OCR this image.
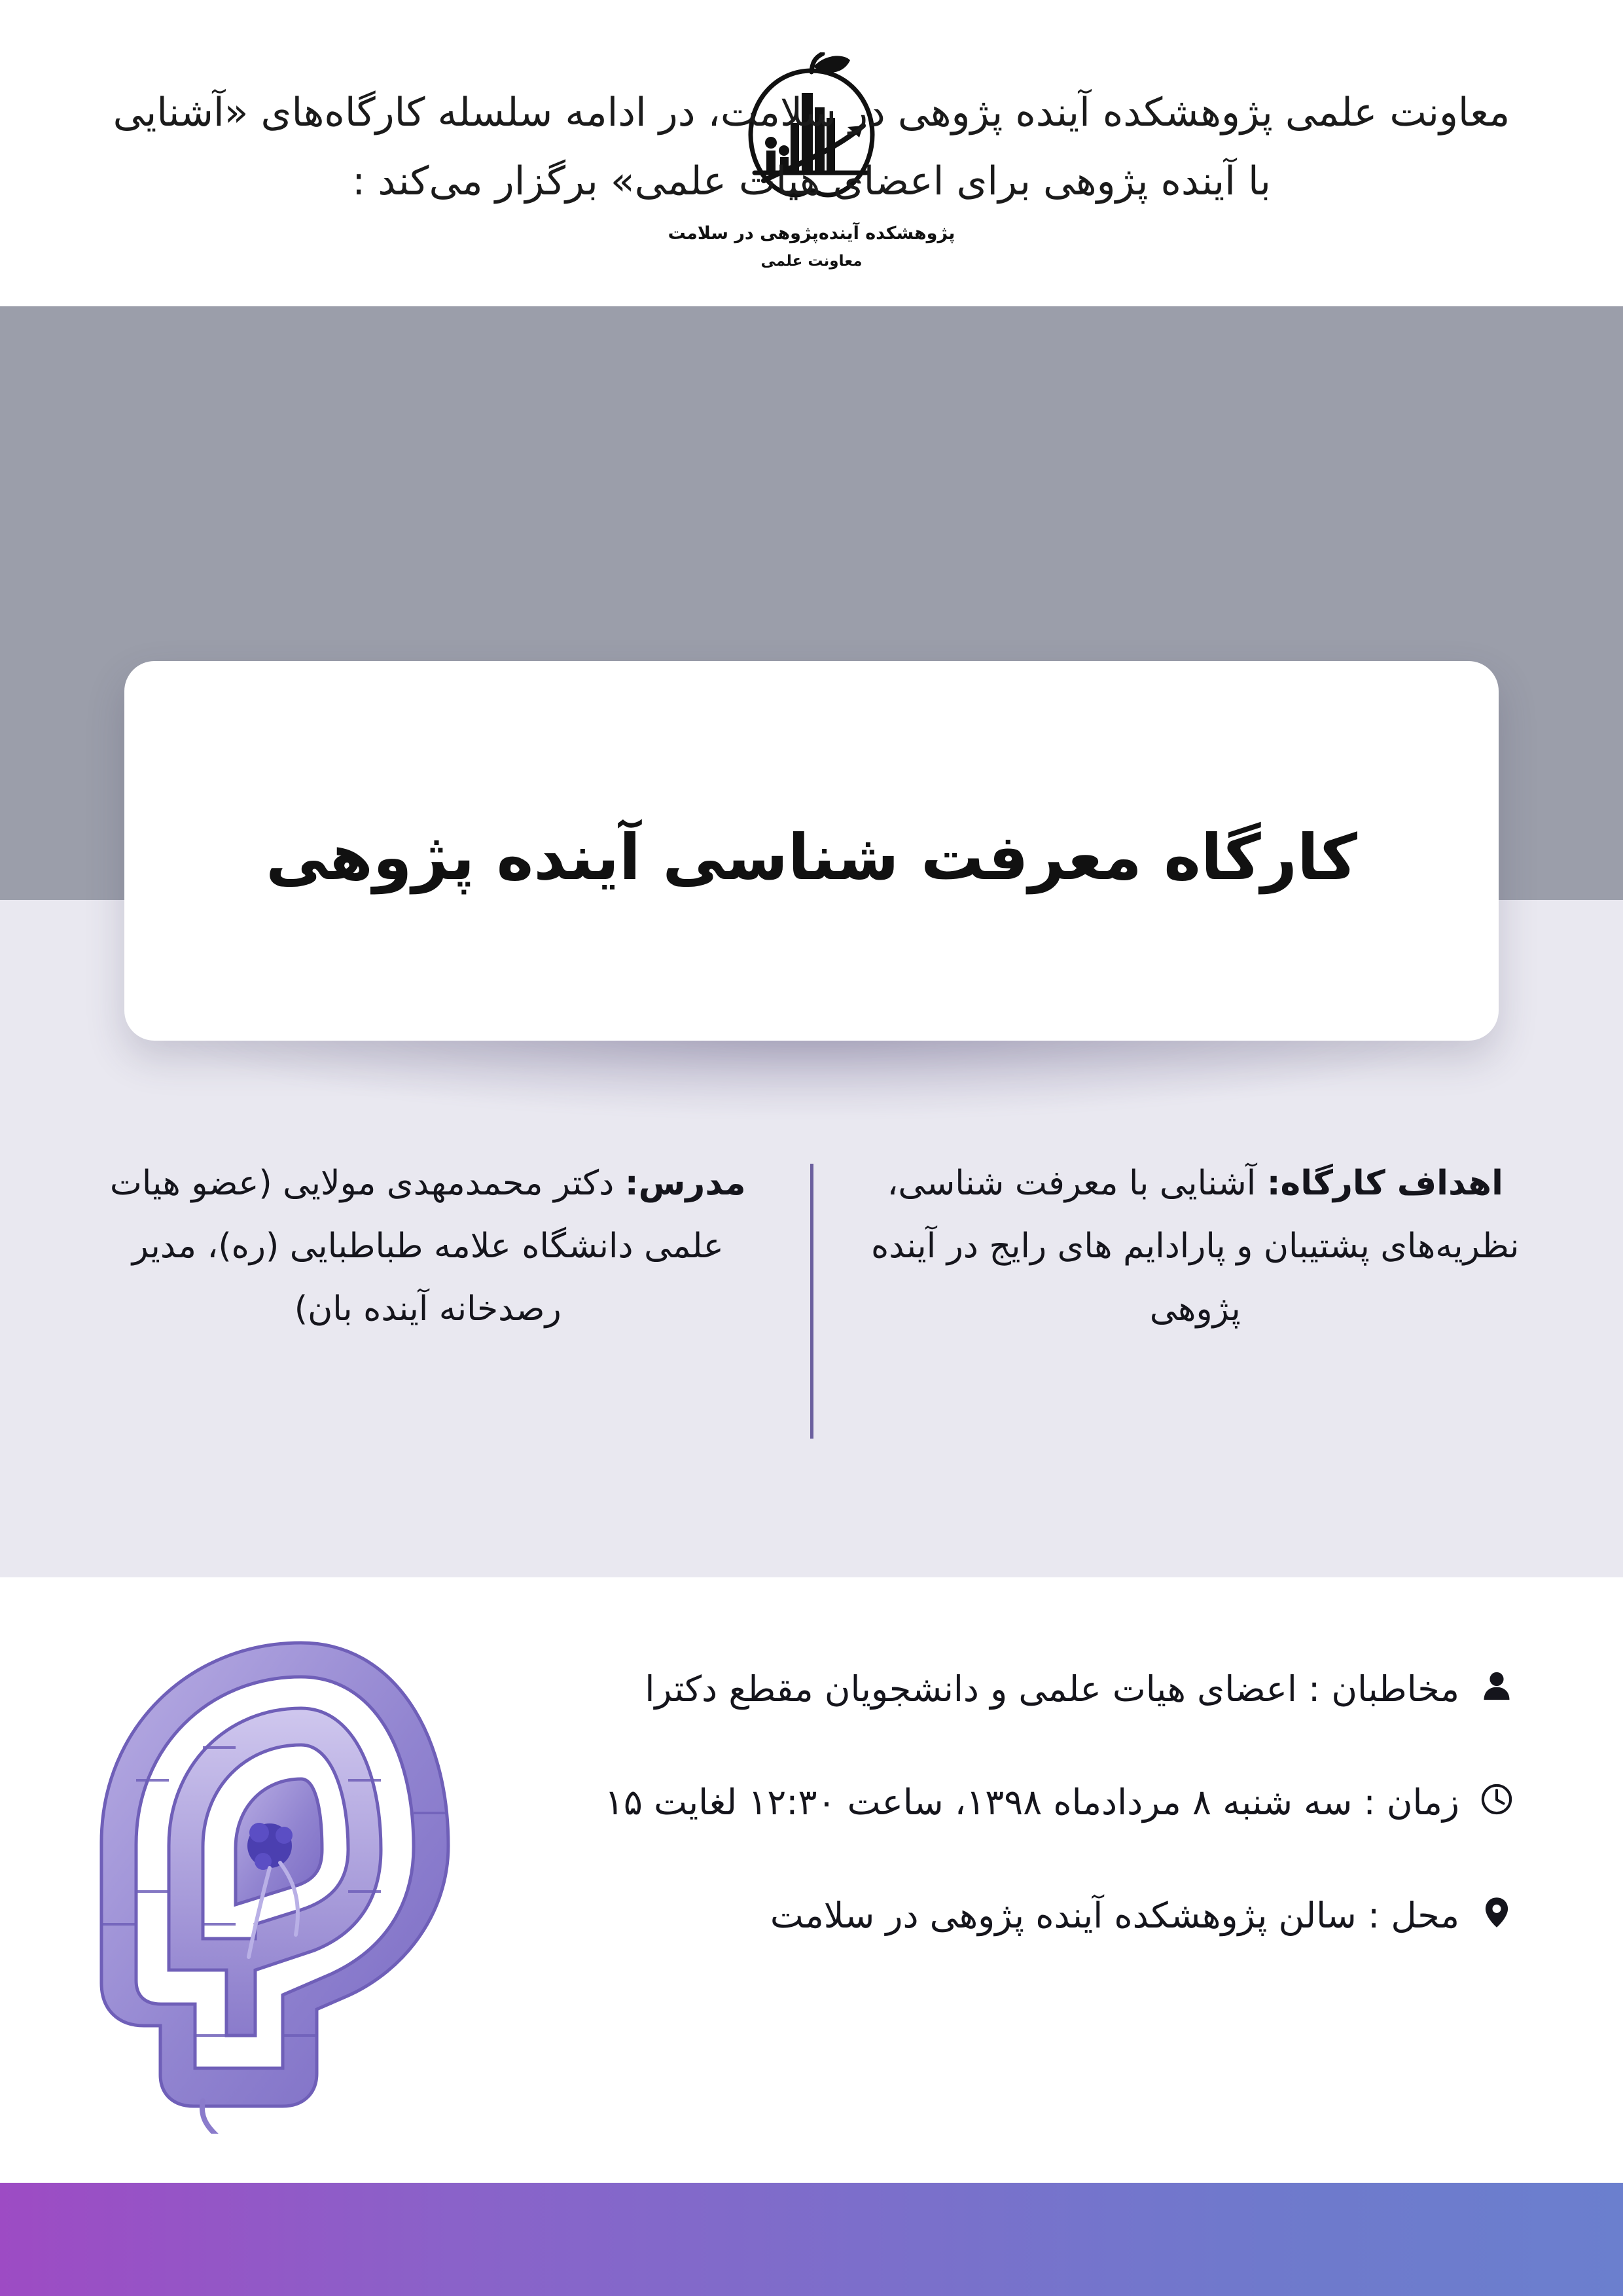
پژوهشکده آینده‌پژوهی در سلامت
معاونت علمی
معاونت علمی پژوهشکده آینده پژوهی در سلامت، در ادامه سلسله کارگاه‌های «آشنایی با آینده پژوهی برای اعضای هیات علمی» برگزار می‌کند :
کارگاه معرفت شناسی آینده پژوهی
اهداف کارگاه: آشنایی با معرفت شناسی، نظریه‌های پشتیبان و پارادایم های رایج در آینده پژوهی
مدرس: دکتر محمدمهدی مولایی (عضو هیات علمی دانشگاه علامه طباطبایی (ره)، مدیر رصدخانه آینده بان)
مخاطبان : اعضای هیات علمی و دانشجویان مقطع دکترا
زمان : سه شنبه ۸ مردادماه ۱۳۹۸، ساعت ۱۲:۳۰ لغایت ۱۵
محل : سالن پژوهشکده آینده پژوهی در سلامت
